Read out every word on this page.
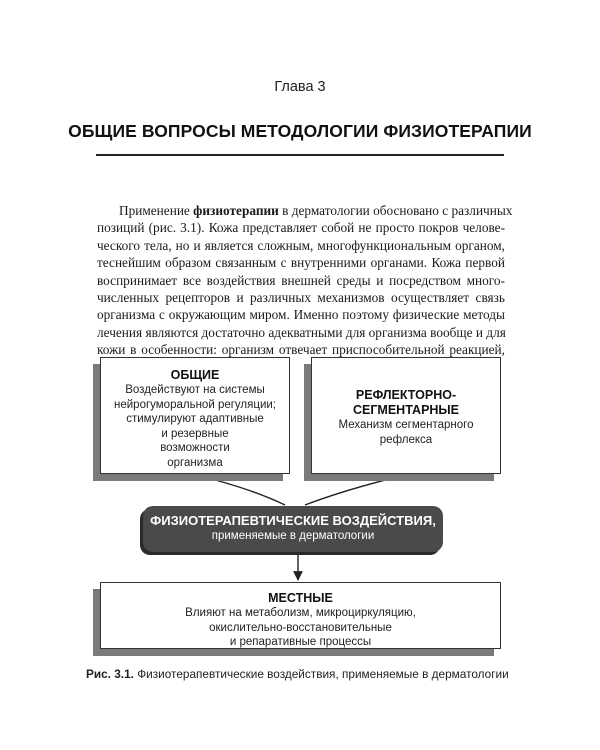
Глава 3
ОБЩИЕ ВОПРОСЫ МЕТОДОЛОГИИ ФИЗИОТЕРАПИИ
Применение физиотерапии в дерматологии обосновано с различных
позиций (рис. 3.1). Кожа представляет собой не просто покров челове-
ческого тела, но и является сложным, многофункциональным органом,
теснейшим образом связанным с внутренними органами. Кожа первой
воспринимает все воздействия внешней среды и посредством много-
численных рецепторов и различных механизмов осуществляет связь
организма с окружающим миром. Именно поэтому физические методы
лечения являются достаточно адекватными для организма вообще и для
кожи в особенности: организм отвечает приспособительной реакцией,
ОБЩИЕ
Воздействуют на системы
нейрогуморальной регуляции;
стимулируют адаптивные
и резервные
возможности
организма
РЕФЛЕКТОРНО-
СЕГМЕНТАРНЫЕ
Механизм сегментарного
рефлекса
ФИЗИОТЕРАПЕВТИЧЕСКИЕ ВОЗДЕЙСТВИЯ,
применяемые в дерматологии
МЕСТНЫЕ
Влияют на метаболизм, микроциркуляцию,
окислительно-восстановительные
и репаративные процессы
Рис. 3.1. Физиотерапевтические воздействия, применяемые в дерматологии
